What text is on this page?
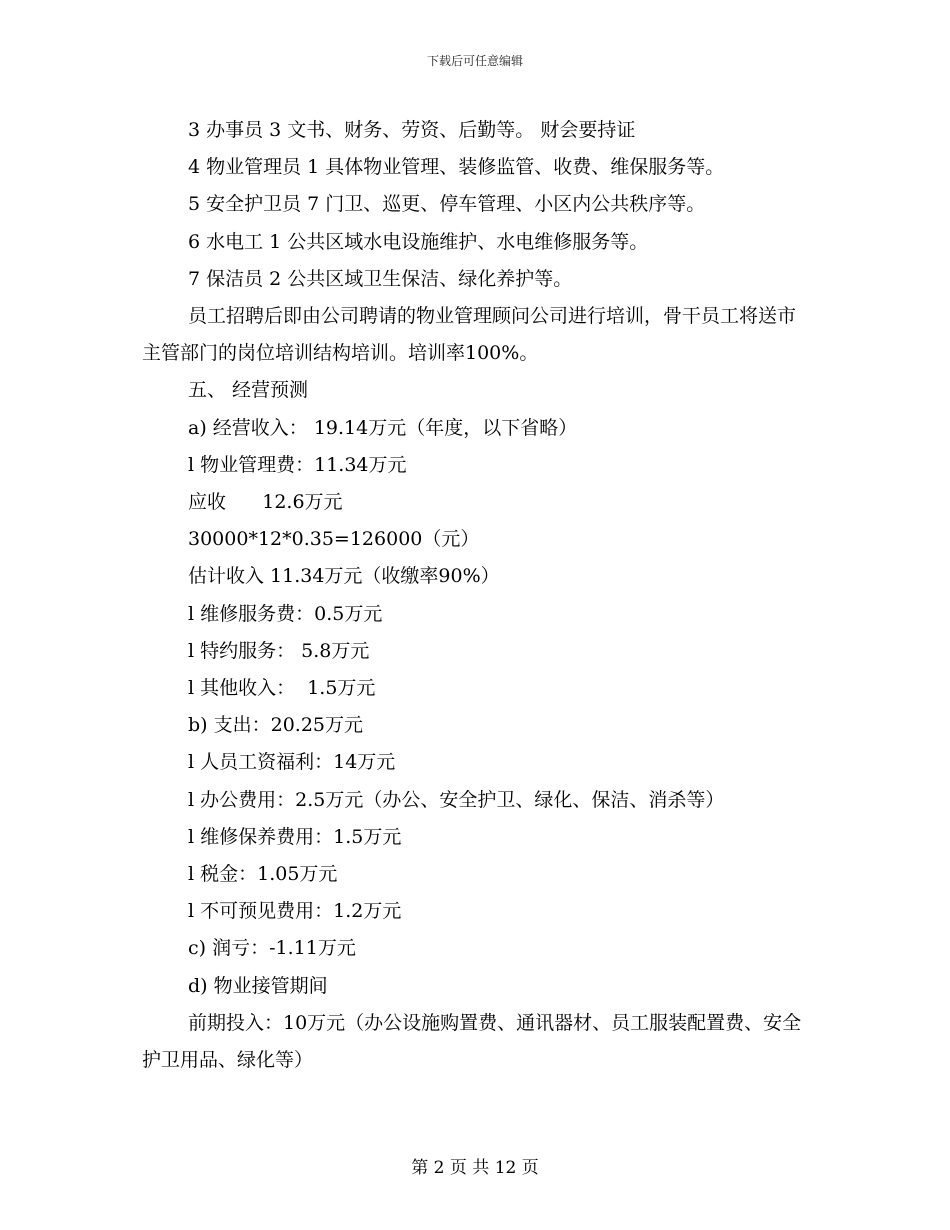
下载后可任意编辑

3 办事员 3 文书、财务、劳资、后勤等。 财会要持证

4 物业管理员 1 具体物业管理、装修监管、收费、维保服务等。

5 安全护卫员 7 门卫、巡更、停车管理、小区内公共秩序等。

6 水电工 1 公共区域水电设施维护、水电维修服务等。

7 保洁员 2 公共区域卫生保洁、绿化养护等。

员工招聘后即由公司聘请的物业管理顾问公司进行培训，骨干员工将送市主管部门的岗位培训结构培训。培训率100%。

五、 经营预测

a) 经营收入： 19.14万元（年度，以下省略）

l 物业管理费：11.34万元

应收      12.6万元

30000*12*0.35=126000（元）

估计收入 11.34万元（收缴率90%）

l 维修服务费：0.5万元

l 特约服务： 5.8万元

l 其他收入：  1.5万元

b) 支出：20.25万元

l 人员工资福利：14万元

l 办公费用：2.5万元（办公、安全护卫、绿化、保洁、消杀等）

l 维修保养费用：1.5万元

l 税金：1.05万元

l 不可预见费用：1.2万元

c) 润亏：-1.11万元

d) 物业接管期间

前期投入：10万元（办公设施购置费、通讯器材、员工服装配置费、安全护卫用品、绿化等）

第 2 页 共 12 页
